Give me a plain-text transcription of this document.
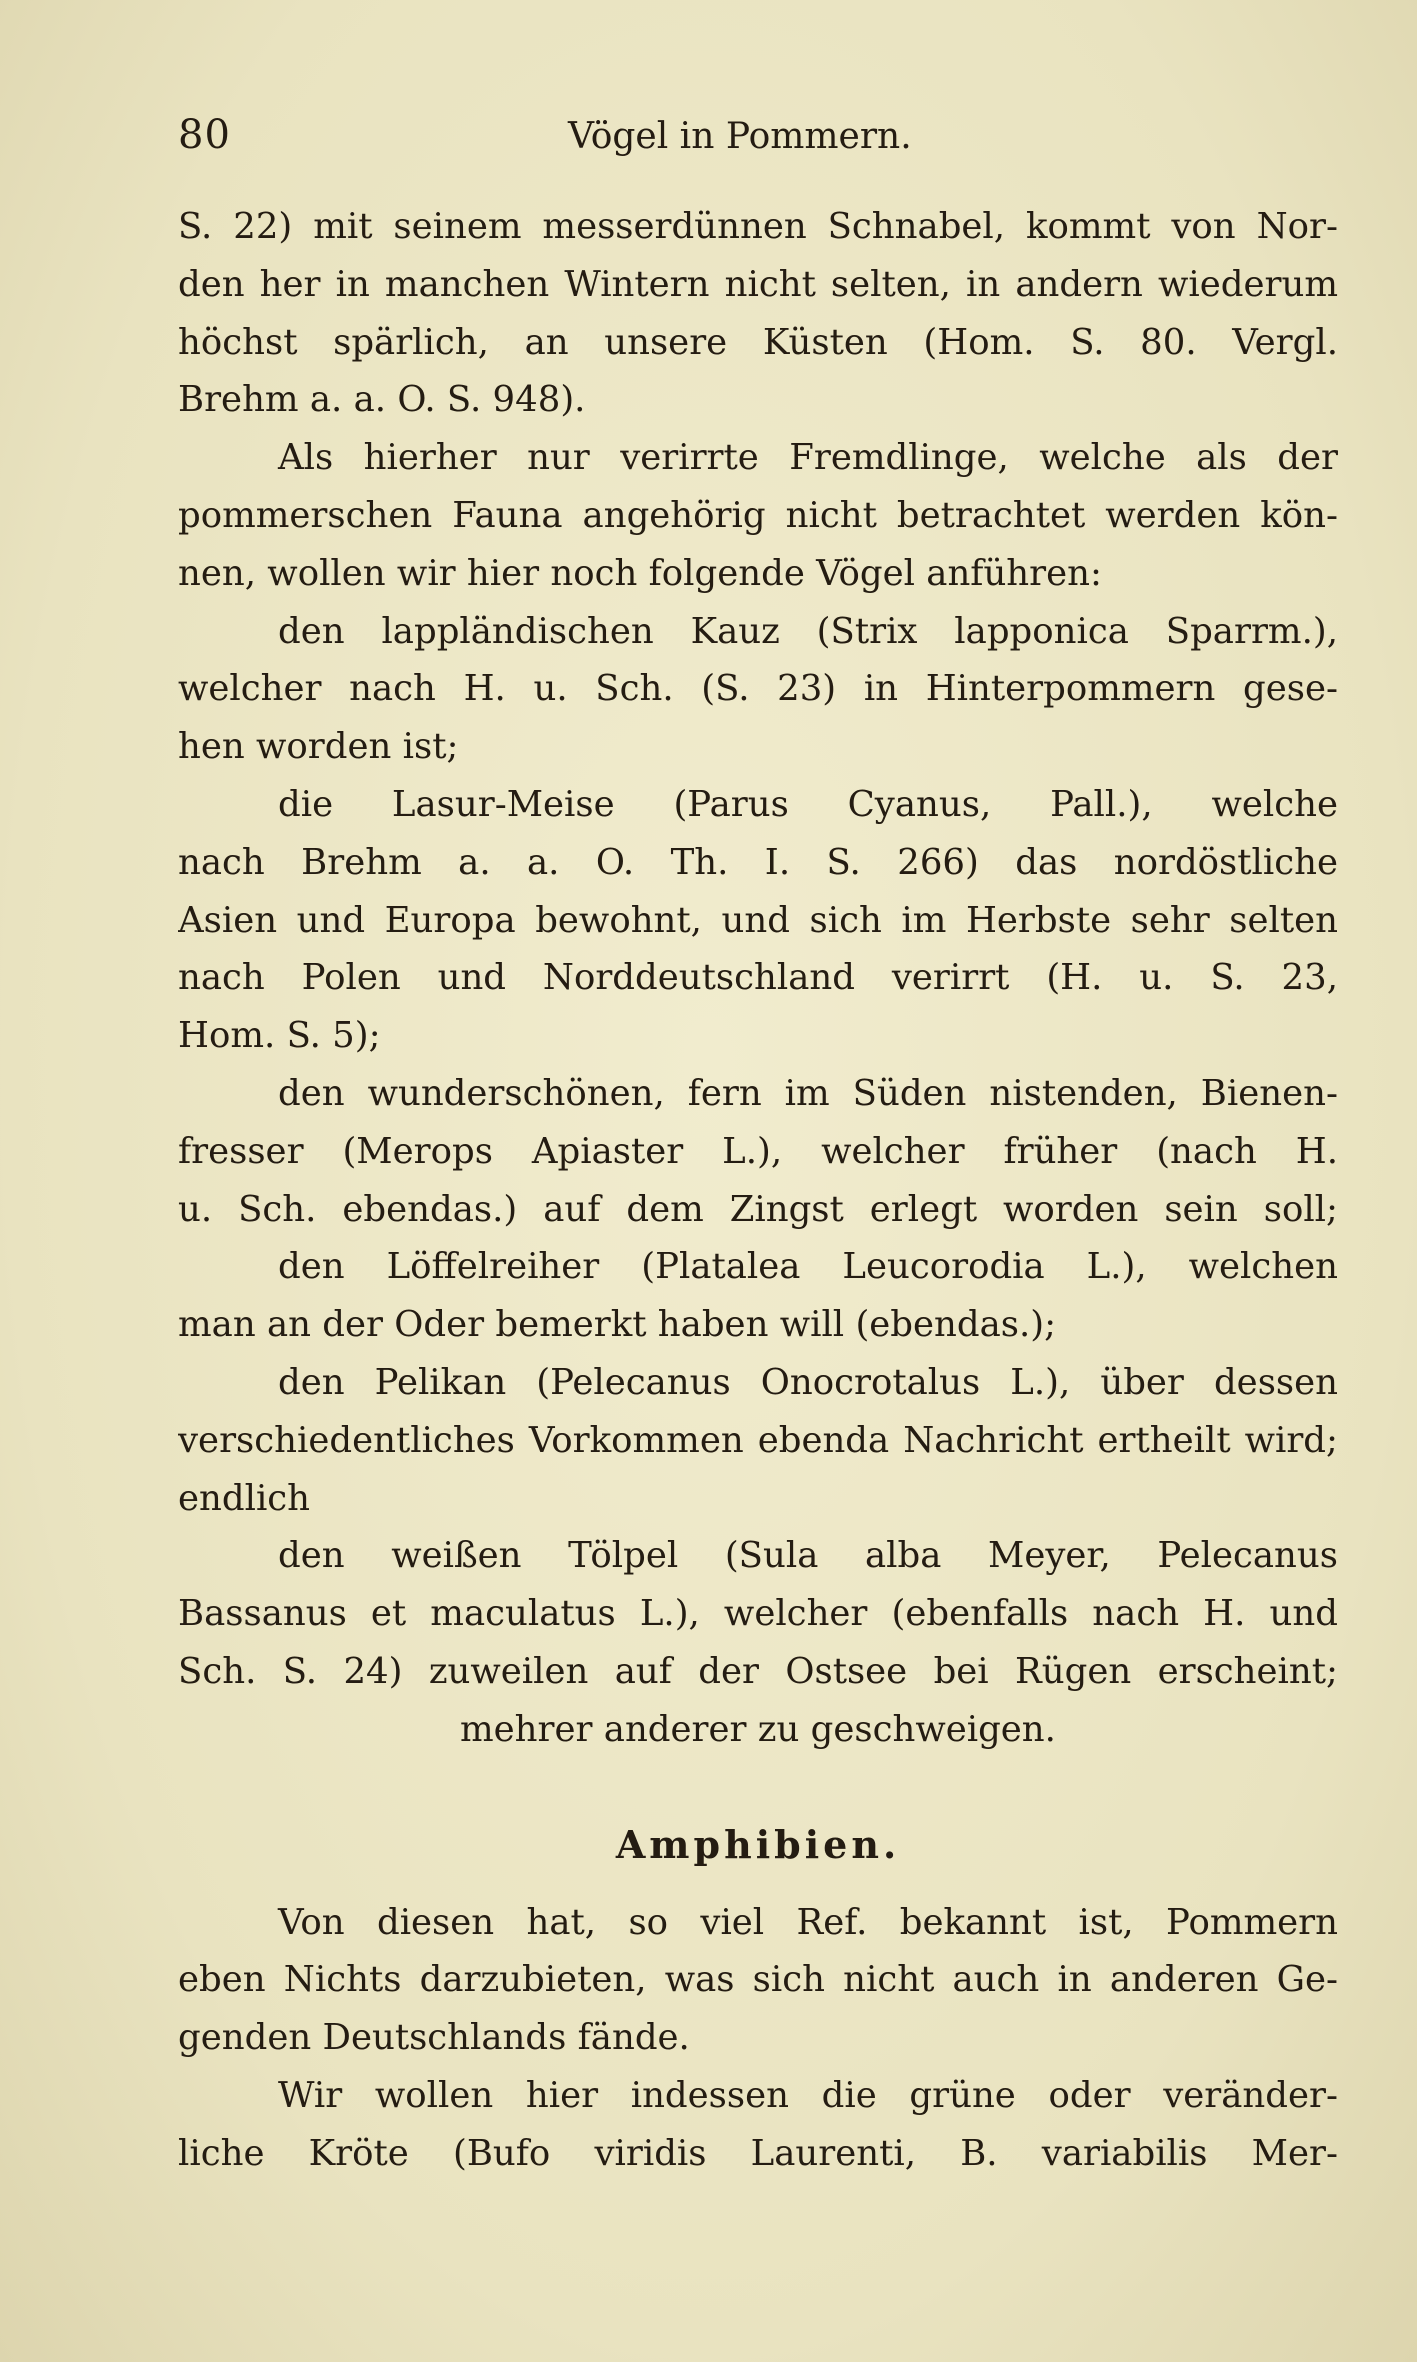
80	Vögel in Pommern.
S. 22) mit seinem messerdünnen Schnabel, kommt von Nor-
den her in manchen Wintern nicht selten, in andern wiederum
höchst spärlich, an unsere Küsten (Hom. S. 80. Vergl.
Brehm a. a. O. S. 948).
Als hierher nur verirrte Fremdlinge, welche als der
pommerschen Fauna angehörig nicht betrachtet werden kön-
nen, wollen wir hier noch folgende Vögel anführen:
den lappländischen Kauz (Strix lapponica Sparrm.),
welcher nach H. u. Sch. (S. 23) in Hinterpommern gese-
hen worden ist;
die Lasur-Meise (Parus Cyanus, Pall.), welche
nach Brehm a. a. O. Th. I. S. 266) das nordöstliche
Asien und Europa bewohnt, und sich im Herbste sehr selten
nach Polen und Norddeutschland verirrt (H. u. S. 23,
Hom. S. 5);
den wunderschönen, fern im Süden nistenden, Bienen-
fresser (Merops Apiaster L.), welcher früher (nach H.
u. Sch. ebendas.) auf dem Zingst erlegt worden sein soll;
den Löffelreiher (Platalea Leucorodia L.), welchen
man an der Oder bemerkt haben will (ebendas.);
den Pelikan (Pelecanus Onocrotalus L.), über dessen
verschiedentliches Vorkommen ebenda Nachricht ertheilt wird;
endlich
den weißen Tölpel (Sula alba Meyer, Pelecanus
Bassanus et maculatus L.), welcher (ebenfalls nach H. und
Sch. S. 24) zuweilen auf der Ostsee bei Rügen erscheint;
mehrer anderer zu geschweigen.
Amphibien.
Von diesen hat, so viel Ref. bekannt ist, Pommern
eben Nichts darzubieten, was sich nicht auch in anderen Ge-
genden Deutschlands fände.
Wir wollen hier indessen die grüne oder veränder-
liche Kröte (Bufo viridis Laurenti, B. variabilis Mer-
